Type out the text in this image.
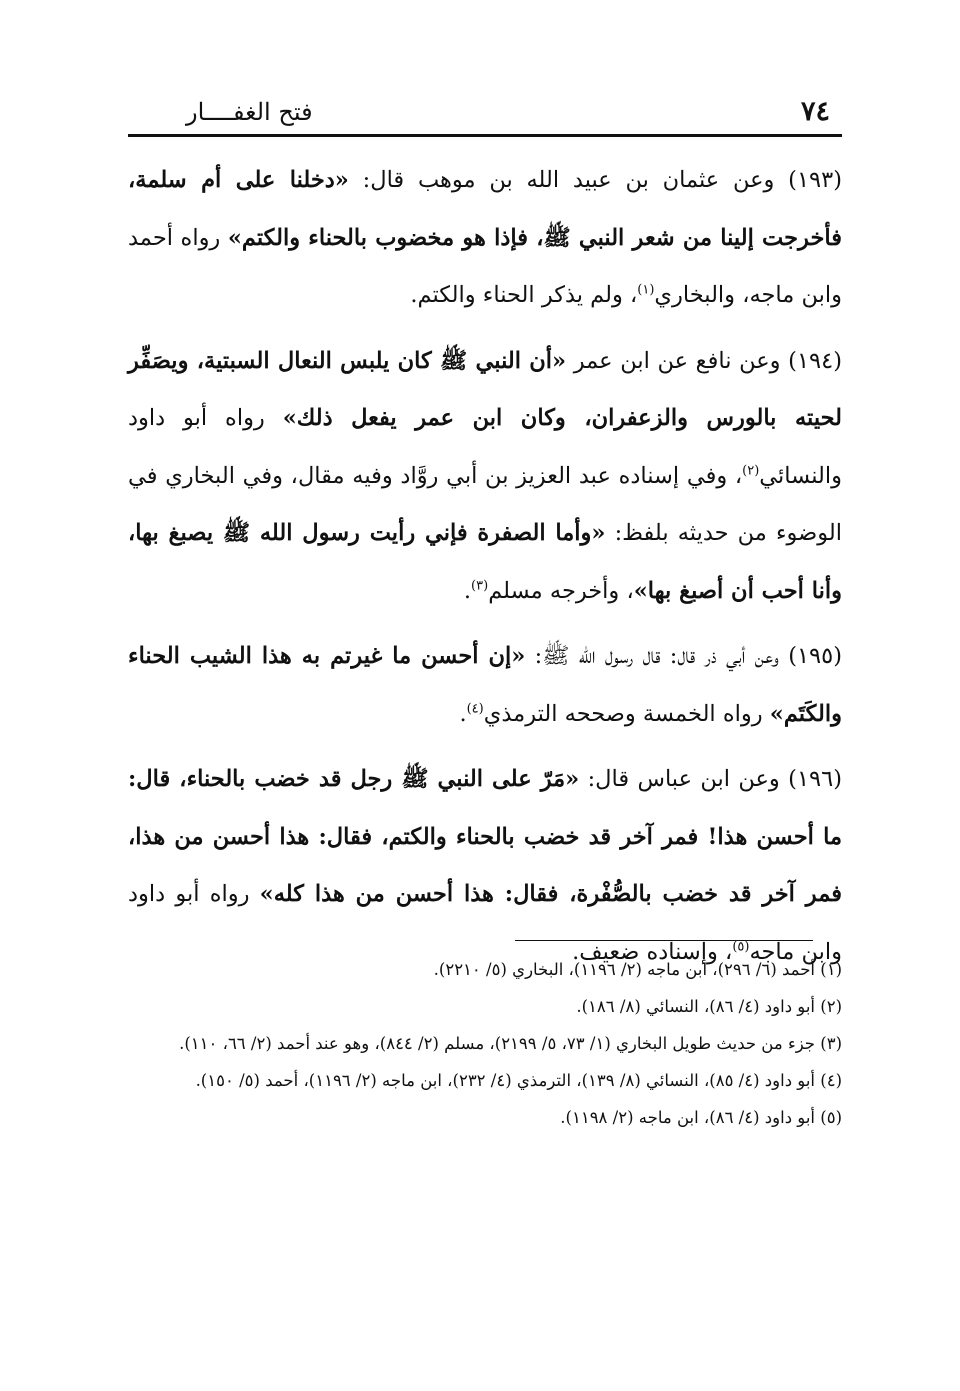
٧٤
فتح الغفــــار

(١٩٣) وعن عثمان بن عبيد الله بن موهب قال: «دخلنا على أم سلمة، فأخرجت إلينا من شعر النبي ﷺ، فإذا هو مخضوب بالحناء والكتم» رواه أحمد وابن ماجه، والبخاري$^{(١)}$، ولم يذكر الحناء والكتم.

(١٩٤) وعن نافع عن ابن عمر «أن النبي ﷺ كان يلبس النعال السبتية، ويصَفِّر لحيته بالورس والزعفران، وكان ابن عمر يفعل ذلك» رواه أبو داود والنسائي$^{(٢)}$، وفي إسناده عبد العزيز بن أبي روَّاد وفيه مقال، وفي البخاري في الوضوء من حديثه بلفظ: «وأما الصفرة فإني رأيت رسول الله ﷺ يصبغ بها، وأنا أحب أن أصبغ بها»، وأخرجه مسلم$^{(٣)}$.

(١٩٥) وعن أبي ذر قال: قال رسول الله ﷺ: «إن أحسن ما غيرتم به هذا الشيب الحناء والكَتَم» رواه الخمسة وصححه الترمذي$^{(٤)}$.

(١٩٦) وعن ابن عباس قال: «مَرّ على النبي ﷺ رجل قد خضب بالحناء، قال: ما أحسن هذا! فمر آخر قد خضب بالحناء والكتم، فقال: هذا أحسن من هذا، فمر آخر قد خضب بالصُّفْرة، فقال: هذا أحسن من هذا كله» رواه أبو داود وابن ماجه$^{(٥)}$، وإسناده ضعيف.

(١) أحمد (٦/ ٢٩٦)، ابن ماجه (٢/ ١١٩٦)، البخاري (٥/ ٢٢١٠).

(٢) أبو داود (٤/ ٨٦)، النسائي (٨/ ١٨٦).

(٣) جزء من حديث طويل البخاري (١/ ٧٣، ٥/ ٢١٩٩)، مسلم (٢/ ٨٤٤)، وهو عند أحمد (٢/ ٦٦، ١١٠).

(٤) أبو داود (٤/ ٨٥)، النسائي (٨/ ١٣٩)، الترمذي (٤/ ٢٣٢)، ابن ماجه (٢/ ١١٩٦)، أحمد (٥/ ١٥٠).

(٥) أبو داود (٤/ ٨٦)، ابن ماجه (٢/ ١١٩٨).
